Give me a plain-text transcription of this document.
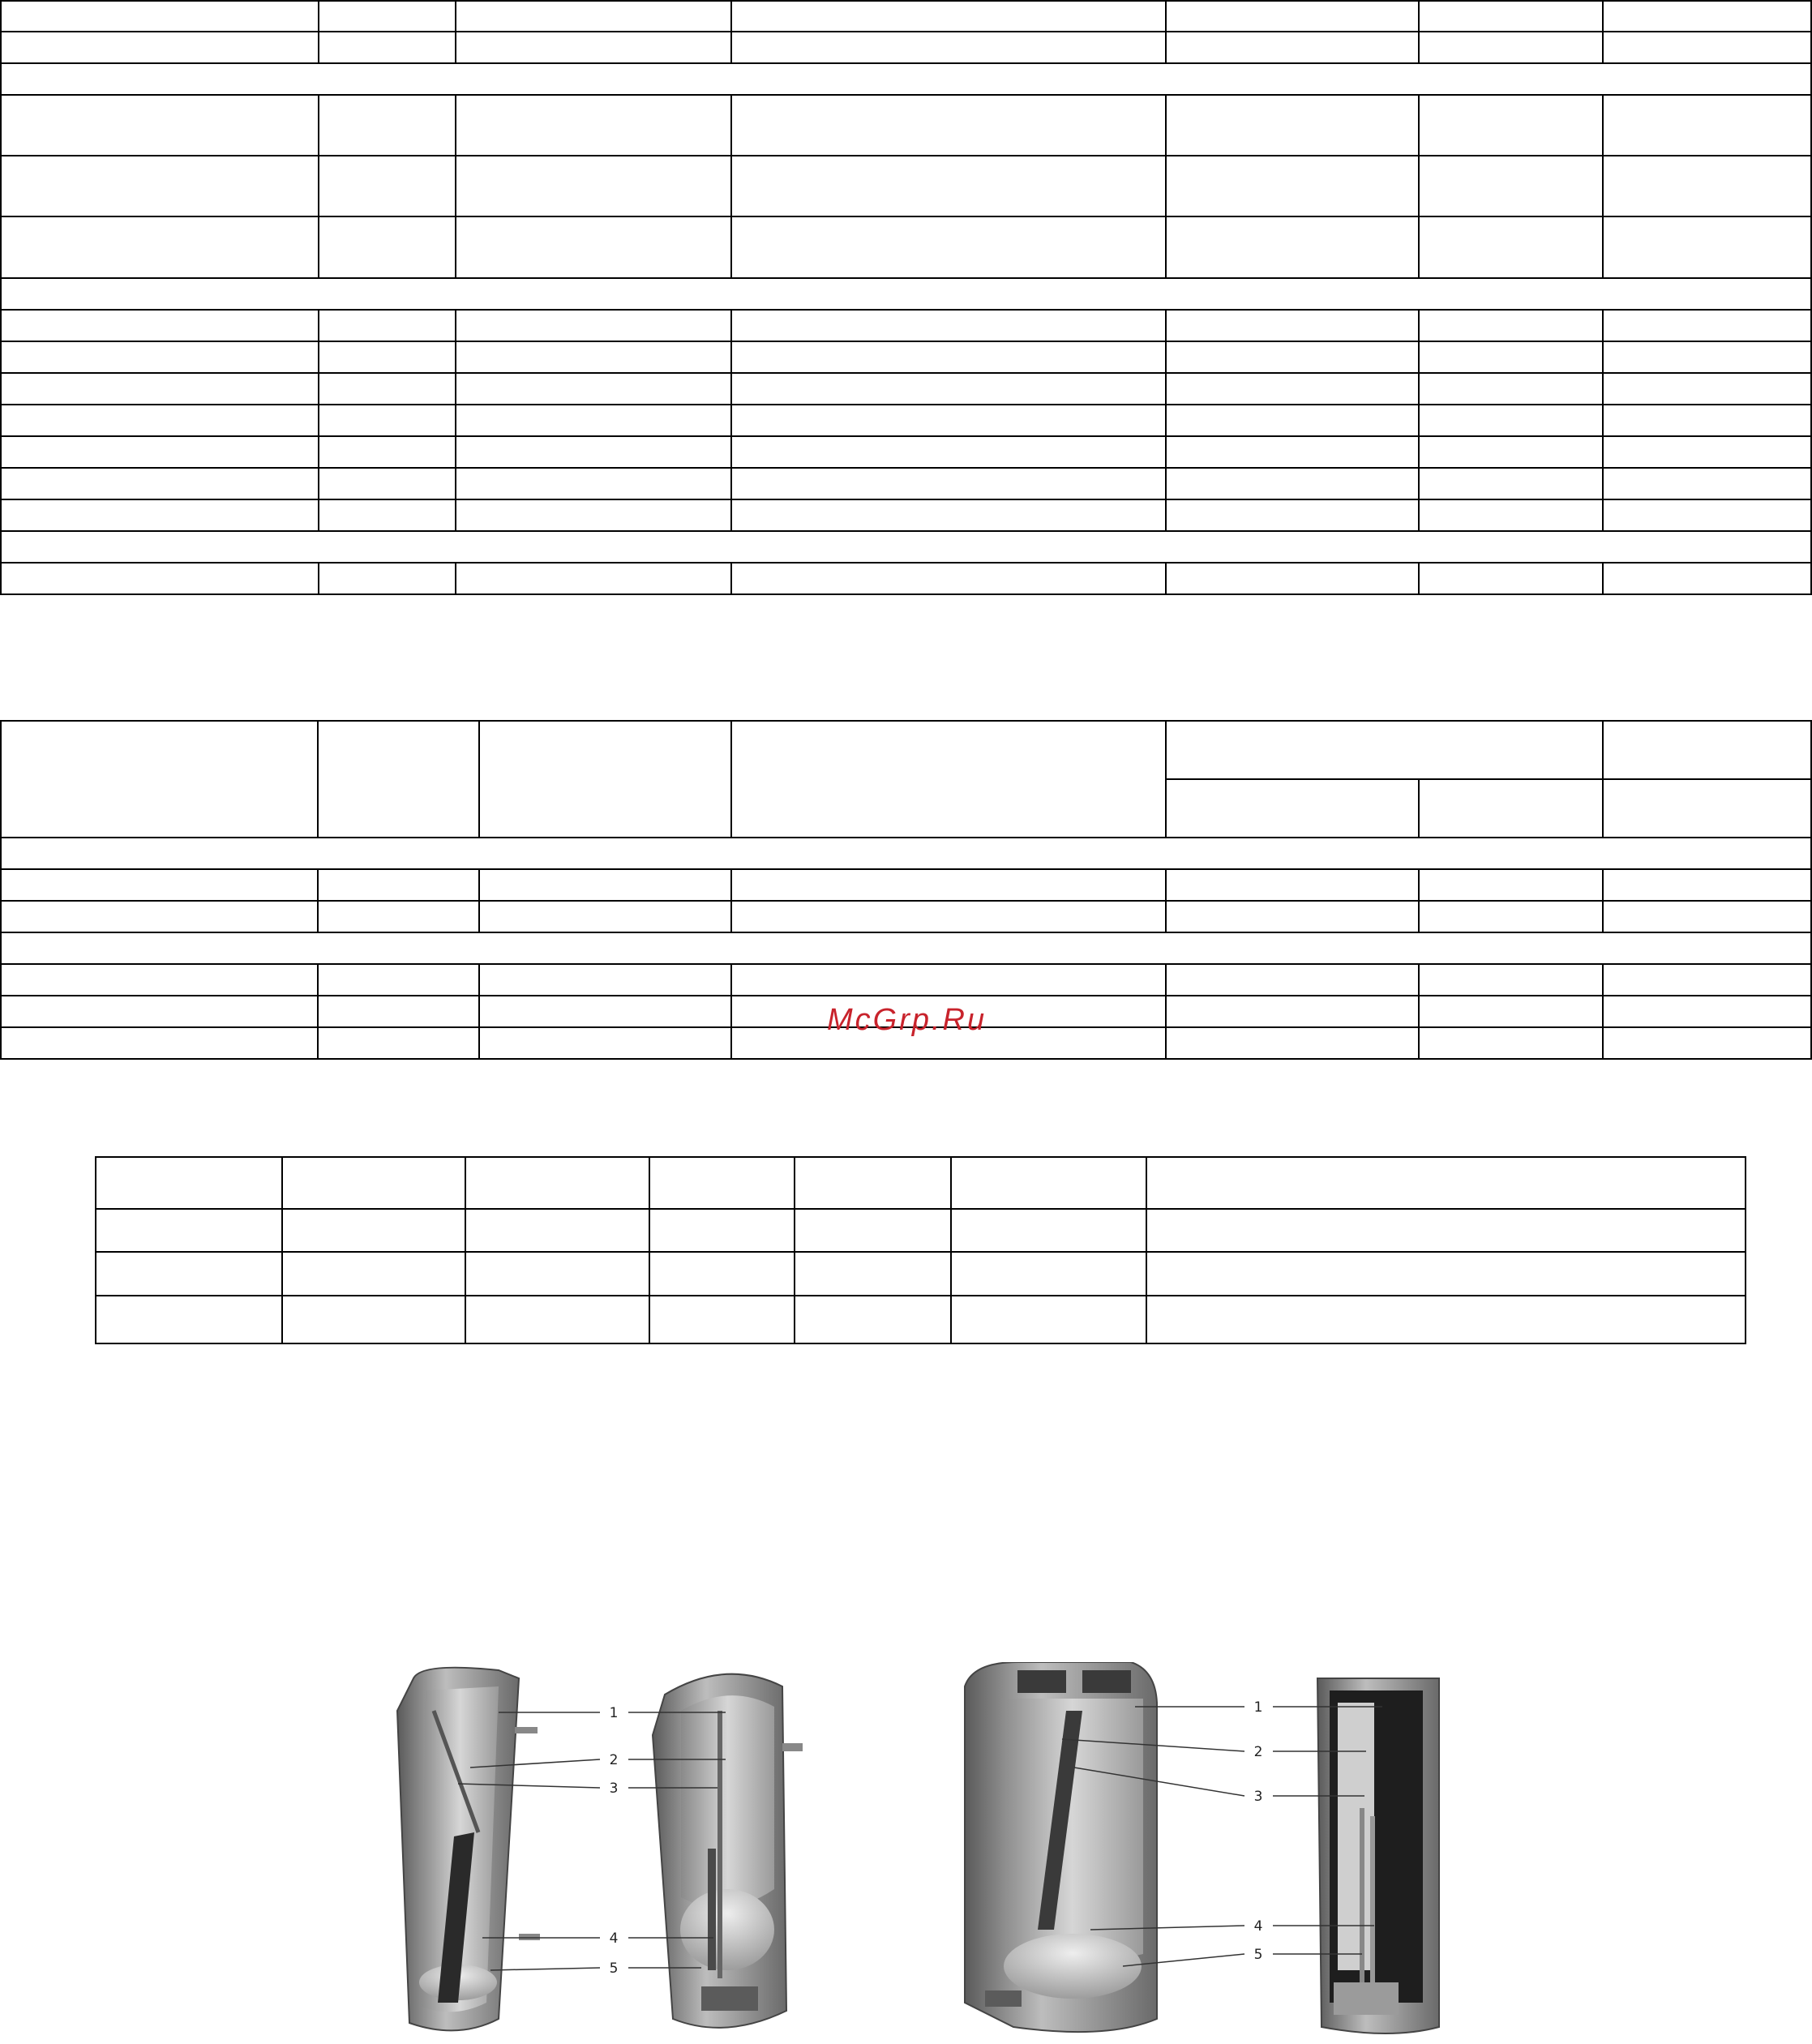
McGrp.Ru

1
2
3
4
5
1
2
3
4
5
